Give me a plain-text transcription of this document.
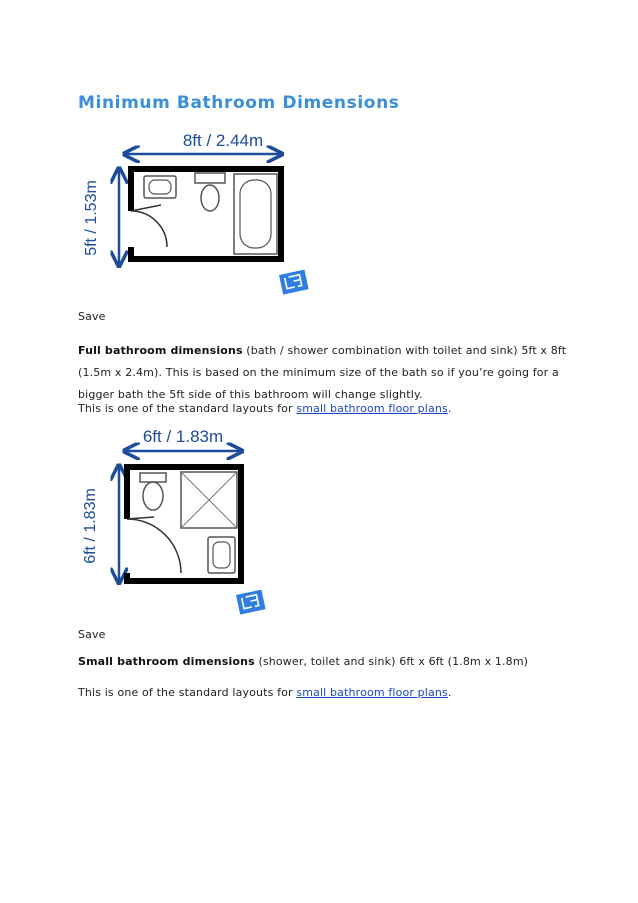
Minimum Bathroom Dimensions
8ft / 2.44m
5ft / 1.53m

Save

Full bathroom dimensions (bath / shower combination with toilet and sink) 5ft x 8ft (1.5m x 2.4m). This is based on the minimum size of the bath so if you’re going for a bigger bath the 5ft side of this bathroom will change slightly.

This is one of the standard layouts for small bathroom floor plans.

6ft / 1.83m
6ft / 1.83m

Save

Small bathroom dimensions (shower, toilet and sink) 6ft x 6ft (1.8m x 1.8m)

This is one of the standard layouts for small bathroom floor plans.
